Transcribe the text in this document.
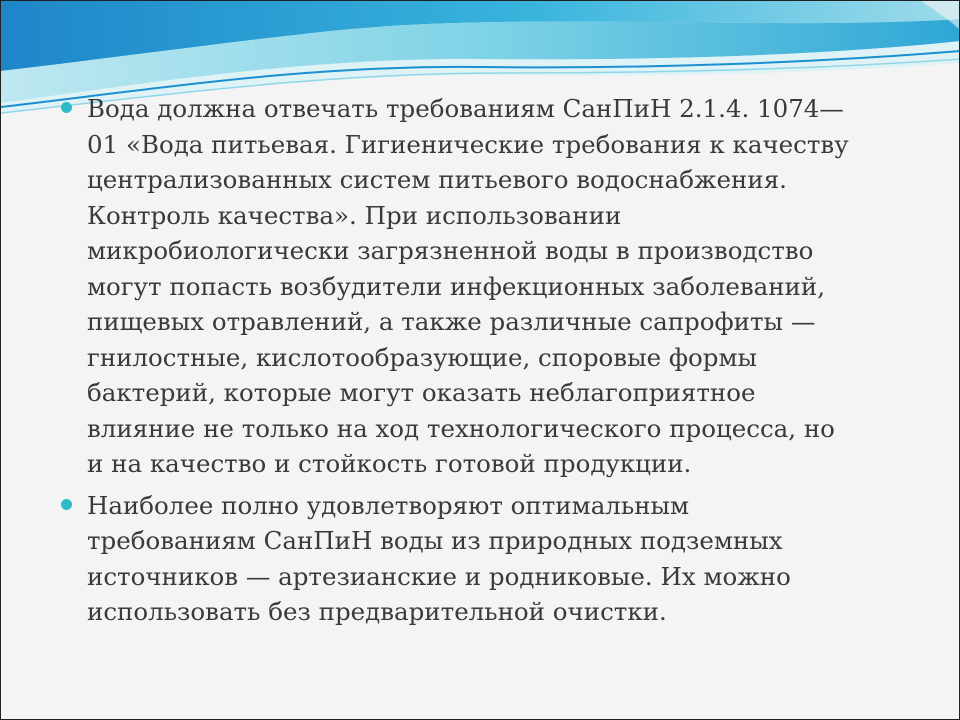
Вода должна отвечать требованиям СанПиН 2.1.4. 1074—
01 «Вода питьевая. Гигиенические требования к качеству
централизованных систем питьевого водоснабжения.
Контроль качества». При использовании
микробиологически загрязненной воды в производство
могут попасть возбудители инфекционных заболеваний,
пищевых отравлений, а также различные сапрофиты —
гнилостные, кислотообразующие, споровые формы
бактерий, которые могут оказать неблагоприятное
влияние не только на ход технологического процесса, но
и на качество и стойкость готовой продукции.
Наиболее полно удовлетворяют оптимальным
требованиям СанПиН воды из природных подземных
источников — артезианские и родниковые. Их можно
использовать без предварительной очистки.
